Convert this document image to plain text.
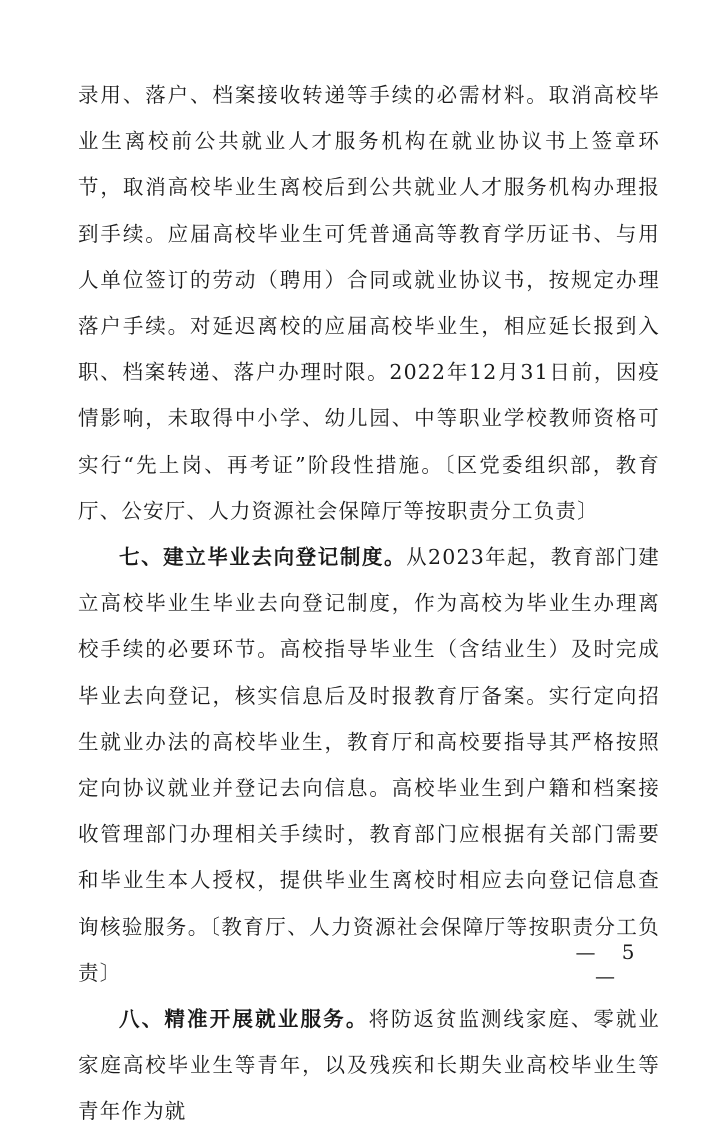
录用、落户、档案接收转递等手续的必需材料。取消高校毕业生离校前公共就业人才服务机构在就业协议书上签章环节，取消高校毕业生离校后到公共就业人才服务机构办理报到手续。应届高校毕业生可凭普通高等教育学历证书、与用人单位签订的劳动（聘用）合同或就业协议书，按规定办理落户手续。对延迟离校的应届高校毕业生，相应延长报到入职、档案转递、落户办理时限。2022年12月31日前，因疫情影响，未取得中小学、幼儿园、中等职业学校教师资格可实行“先上岗、再考证”阶段性措施。〔区党委组织部，教育厅、公安厅、人力资源社会保障厅等按职责分工负责〕

七、建立毕业去向登记制度。从2023年起，教育部门建立高校毕业生毕业去向登记制度，作为高校为毕业生办理离校手续的必要环节。高校指导毕业生（含结业生）及时完成毕业去向登记，核实信息后及时报教育厅备案。实行定向招生就业办法的高校毕业生，教育厅和高校要指导其严格按照定向协议就业并登记去向信息。高校毕业生到户籍和档案接收管理部门办理相关手续时，教育部门应根据有关部门需要和毕业生本人授权，提供毕业生离校时相应去向登记信息查询核验服务。〔教育厅、人力资源社会保障厅等按职责分工负责〕

八、精准开展就业服务。将防返贫监测线家庭、零就业家庭高校毕业生等青年，以及残疾和长期失业高校毕业生等青年作为就

— 5 —
